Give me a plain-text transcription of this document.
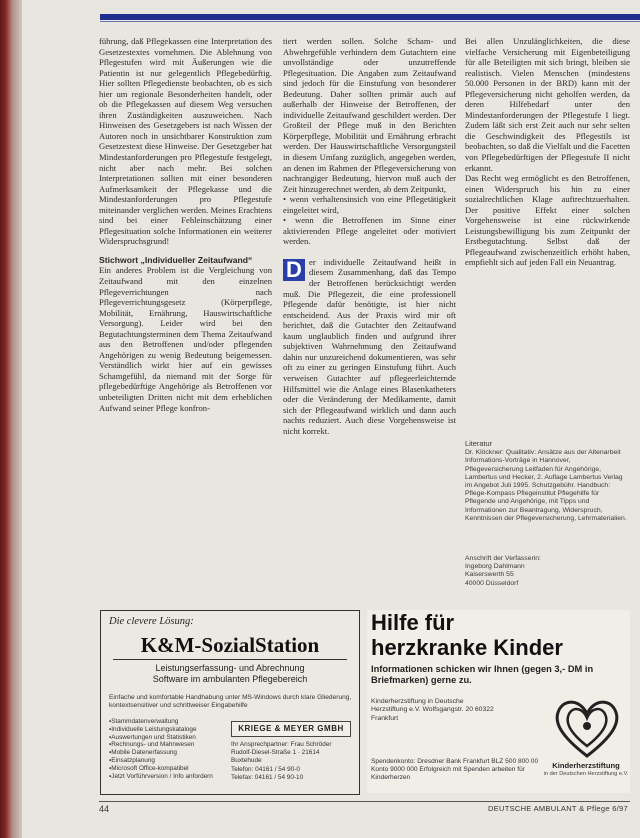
führung, daß Pflegekassen eine Interpretation des Gesetzestextes vornehmen. Die Ablehnung von Pflegestufen wird mit Äußerungen wie die Patientin ist nur gelegentlich Pflegebedürftig. Hier sollten Pflegedienste beobachten, ob es sich hier um regionale Besonderheiten handelt, oder ob die Pflegekassen auf diesem Weg versuchen ihren Zuständigkeiten auszuweichen. Nach Hinweisen des Gesetzgebers ist nach Wissen der Autoren noch in unsichtbarer Konstruktion zum Gesetzestext diese Hinweise. Der Gesetzgeber hat Mindestanforderungen pro Pflegestufe festgelegt, nicht aber nach mehr. Bei solchen Interpretationen sollten mit einer besonderen Aufmerksamkeit der Pflegekasse und die Mindestanforderungen pro Pflegestufe miteinander verglichen werden. Meines Erachtens sind bei einer Fehleinschätzung einer Pflegesituation solche Informationen ein weiterer Widerspruchsgrund!

Stichwort „Individueller Zeitaufwand“

Ein anderes Problem ist die Vergleichung von Zeitaufwand mit den einzelnen Pflegeverrichtungen nach Pflegeverrichtungsgesetz (Körperpflege, Mobilität, Ernährung, Hauswirtschaftliche Versorgung). Leider wird bei den Begutachtungsterminen dem Thema Zeitaufwand aus den Betroffenen und/oder pflegenden Angehörigen zu wenig Bedeutung beigemessen. Verständlich wirkt hier auf ein gewisses Schamgefühl, da niemand mit der Sorge für pflegebedürftige Angehörige als Betroffenen vor unbeteiligten Dritten nicht mit dem erheblichen Aufwand seiner Pflege konfron-

tiert werden sollen. Solche Scham- und Abwehrgefühle verhindern dem Gutachtern eine unvollständige oder unzutreffende Pflegesituation. Die Angaben zum Zeitaufwand sind jedoch für die Einstufung von besonderer Bedeutung. Daher sollten primär auch auf außerhalb der Hinweise der Betroffenen, der individuelle Zeitaufwand geschildert werden. Der Großteil der Pflege muß in den Berichten Körperpflege, Mobilität und Ernährung erbracht werden. Der Hauswirtschaftliche Versorgungsteil in diesem Umfang zuzüglich, angegeben werden, an denen im Rahmen der Pflegeversicherung von nachrangiger Bedeutung, hiervon muß auch der Zeit hinzugerechnet werden, ab dem Zeitpunkt,

• wenn verhaltensinsich von eine Pflegetätigkeit eingeleitet wird,

• wenn die Betroffenen im Sinne einer aktivierenden Pflege angeleitet oder motiviert werden.

D er individuelle Zeitaufwand heißt in diesem Zusammenhang, daß das Tempo der Betroffenen berücksichtigt werden muß. Die Pflegezeit, die eine professionell Pflegende dafür benötigte, ist hier nicht entscheidend. Aus der Praxis wird mir oft berichtet, daß die Gutachter den Zeitaufwand kaum unglaublich finden und aufgrund ihrer subjektiven Wahrnehmung den Zeitaufwand dahin nur unzureichend dokumentieren, was sehr oft zu einer zu geringen Einstufung führt. Auch verweisen Gutachter auf pflegeerleichternde Hilfsmittel wie die Anlage eines Blasenkatheters oder die Veränderung der Medikamente, damit sich der Pflegeaufwand wirklich und dann auch nachts reduziert. Auch diese Vorgehensweise ist nicht korrekt.

Bei allen Unzulänglichkeiten, die diese vielfache Versicherung mit Eigenbeteiligung für alle Beteiligten mit sich bringt, bleiben sie realistisch. Vielen Menschen (mindestens 50.000 Personen in der BRD) kann mit der Pflegeversicherung nicht geholfen werden, da deren Hilfebedarf unter den Mindestanforderungen der Pflegestufe I liegt. Zudem läßt sich erst Zeit auch nur sehr selten die Geschwindigkeit des Pflegestils ist beobachten, so daß die Vielfalt und die Facetten von Pflegebedürftigen der Pflegestufe II nicht erkannt.

Das Recht weg ermöglicht es den Betroffenen, einen Widerspruch bis hin zu einer sozialrechtlichen Klage auftrechtzuerhalten. Der positive Effekt einer solchen Vorgehensweise ist eine rückwirkende Leistungsbewilligung bis zum Zeitpunkt der Erstbegutachtung. Selbst daß der Pflegeaufwand zwischenzeitlich erhöht haben, empfiehlt sich auf jeden Fall ein Neuantrag.

Literatur
Dr. Klöckner: Qualitativ: Ansätze aus der Altenarbeit Informations-Vorträge in Hannover, Pflegeversicherung Leitfaden für Angehörige, Lambertus und Hecker, 2. Auflage Lambertus Verlag im Angebot Juli 1995. Schutzgebühr. Handbuch: Pflege-Kompass Pflegeinstitut Pflegehilfe für Pflegende und Angehörige, mit Tipps und Informationen zur Beantragung, Widerspruch, Kenntnissen der Pflegeversicherung, Lehrmaterialien.
Anschrift der Verfasserin:
Ingeborg Dahlmann
Kaiserswerth 55
40000 Düsseldorf
Die clevere Lösung:
K&M-SozialStation
Leistungserfassung- und Abrechnung
Software im ambulanten Pflegebereich
Einfache und komfortable Handhabung unter MS-Windows durch klare Gliederung, kontextsensitiver und schrittweiser Eingabehilfe
▪ Stammdatenverwaltung
▪ Individuelle Leistungskataloge
▪ Auswertungen und Statistiken
▪ Rechnungs- und Mahnwesen
▪ Mobile Datenerfassung
▪ Einsatzplanung
▪ Microsoft Office-kompatibel
▪ Jetzt Vorführversion / Info anfordern
KRIEGE & MEYER GMBH
Ihr Ansprechpartner: Frau Schröder
Rudolf-Diesel-Straße 1 · 21614 Buxtehude
Telefon: 04161 / 54 90-0
Telefax: 04161 / 54 90-10
Hilfe für
herzkranke Kinder
Informationen schicken wir Ihnen (gegen 3,- DM in Briefmarken) gerne zu.
Kinderherzstiftung in Deutsche Herzstiftung e.V. Wolfsgangstr. 20 60322 Frankfurt
Spendenkonto: Dresdner Bank Frankfurt BLZ 500 800 00 Konto 9000 000 Erfolgreich mit Spenden arbeiten für Kinderherzen
Kinderherzstiftung
in der Deutschen Herzstiftung e.V.
44	DEUTSCHE AMBULANT & Pflege 6/97
